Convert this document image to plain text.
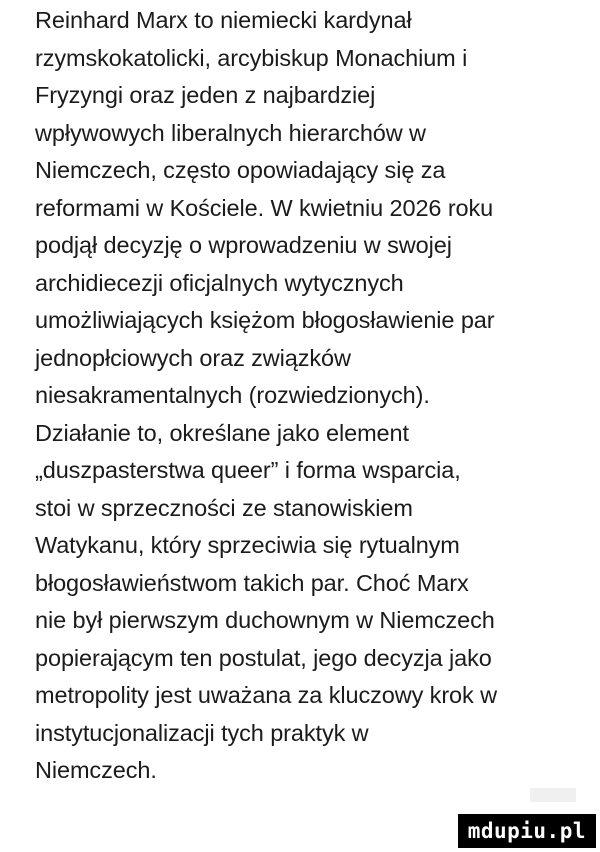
Reinhard Marx to niemiecki kardynał
rzymskokatolicki, arcybiskup Monachium i
Fryzyngi oraz jeden z najbardziej
wpływowych liberalnych hierarchów w
Niemczech, często opowiadający się za
reformami w Kościele. W kwietniu 2026 roku
podjął decyzję o wprowadzeniu w swojej
archidiecezji oficjalnych wytycznych
umożliwiających księżom błogosławienie par
jednopłciowych oraz związków
niesakramentalnych (rozwiedzionych).
Działanie to, określane jako element
„duszpasterstwa queer” i forma wsparcia,
stoi w sprzeczności ze stanowiskiem
Watykanu, który sprzeciwia się rytualnym
błogosławieństwom takich par. Choć Marx
nie był pierwszym duchownym w Niemczech
popierającym ten postulat, jego decyzja jako
metropolity jest uważana za kluczowy krok w
instytucjonalizacji tych praktyk w
Niemczech.
mdupiu.pl
